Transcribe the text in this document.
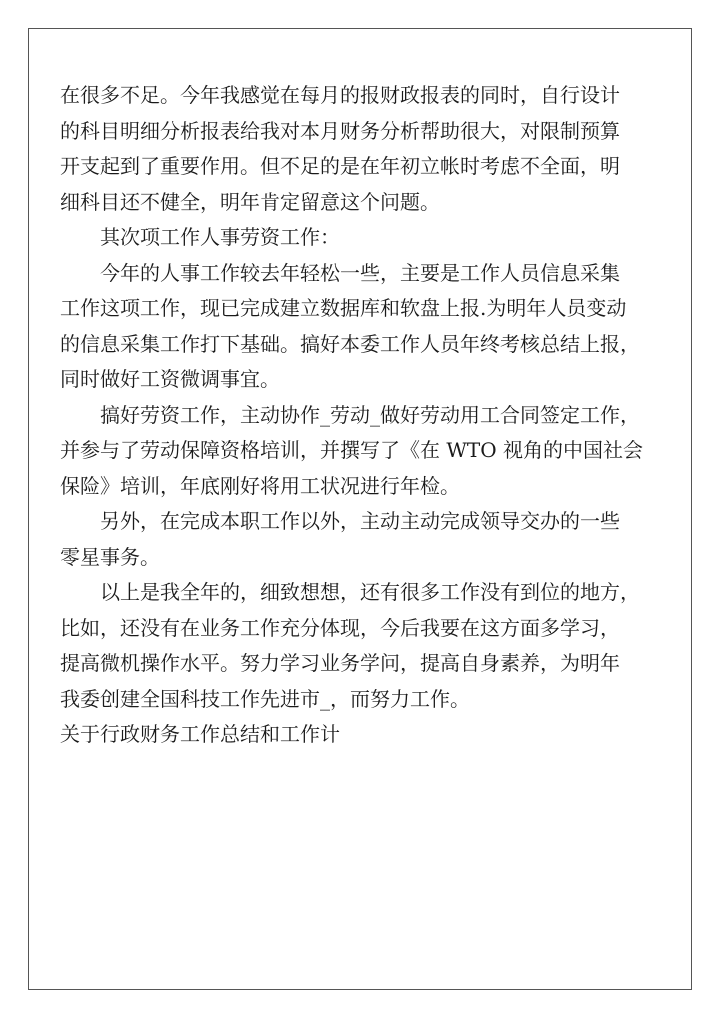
在很多不足。今年我感觉在每月的报财政报表的同时，自行设计
的科目明细分析报表给我对本月财务分析帮助很大，对限制预算
开支起到了重要作用。但不足的是在年初立帐时考虑不全面，明
细科目还不健全，明年肯定留意这个问题。
其次项工作人事劳资工作：
今年的人事工作较去年轻松一些，主要是工作人员信息采集
工作这项工作，现已完成建立数据库和软盘上报.为明年人员变动
的信息采集工作打下基础。搞好本委工作人员年终考核总结上报，
同时做好工资微调事宜。
搞好劳资工作，主动协作_劳动_做好劳动用工合同签定工作，
并参与了劳动保障资格培训，并撰写了《在 WTO 视角的中国社会
保险》培训，年底刚好将用工状况进行年检。
另外，在完成本职工作以外，主动主动完成领导交办的一些
零星事务。
以上是我全年的，细致想想，还有很多工作没有到位的地方，
比如，还没有在业务工作充分体现，今后我要在这方面多学习，
提高微机操作水平。努力学习业务学问，提高自身素养，为明年
我委创建全国科技工作先进市_，而努力工作。
关于行政财务工作总结和工作计
